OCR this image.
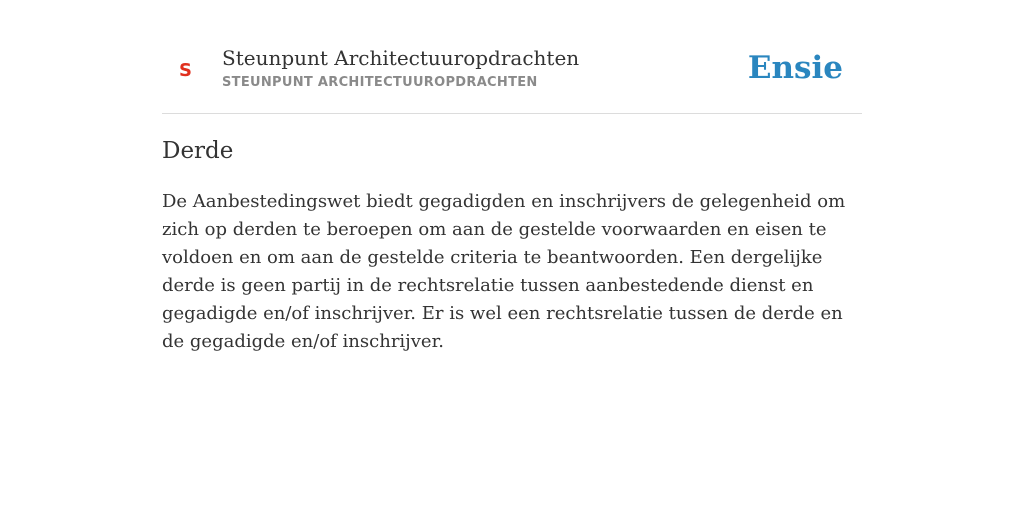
S
Steunpunt Architectuuropdrachten
STEUNPUNT ARCHITECTUUROPDRACHTEN	Ensie
Derde

De Aanbestedingswet biedt gegadigden en inschrijvers de gelegenheid om zich op derden te beroepen om aan de gestelde voorwaarden en eisen te voldoen en om aan de gestelde criteria te beantwoorden. Een dergelijke derde is geen partij in de rechtsrelatie tussen aanbestedende dienst en gegadigde en/of inschrijver. Er is wel een rechtsrelatie tussen de derde en de gegadigde en/of inschrijver.
